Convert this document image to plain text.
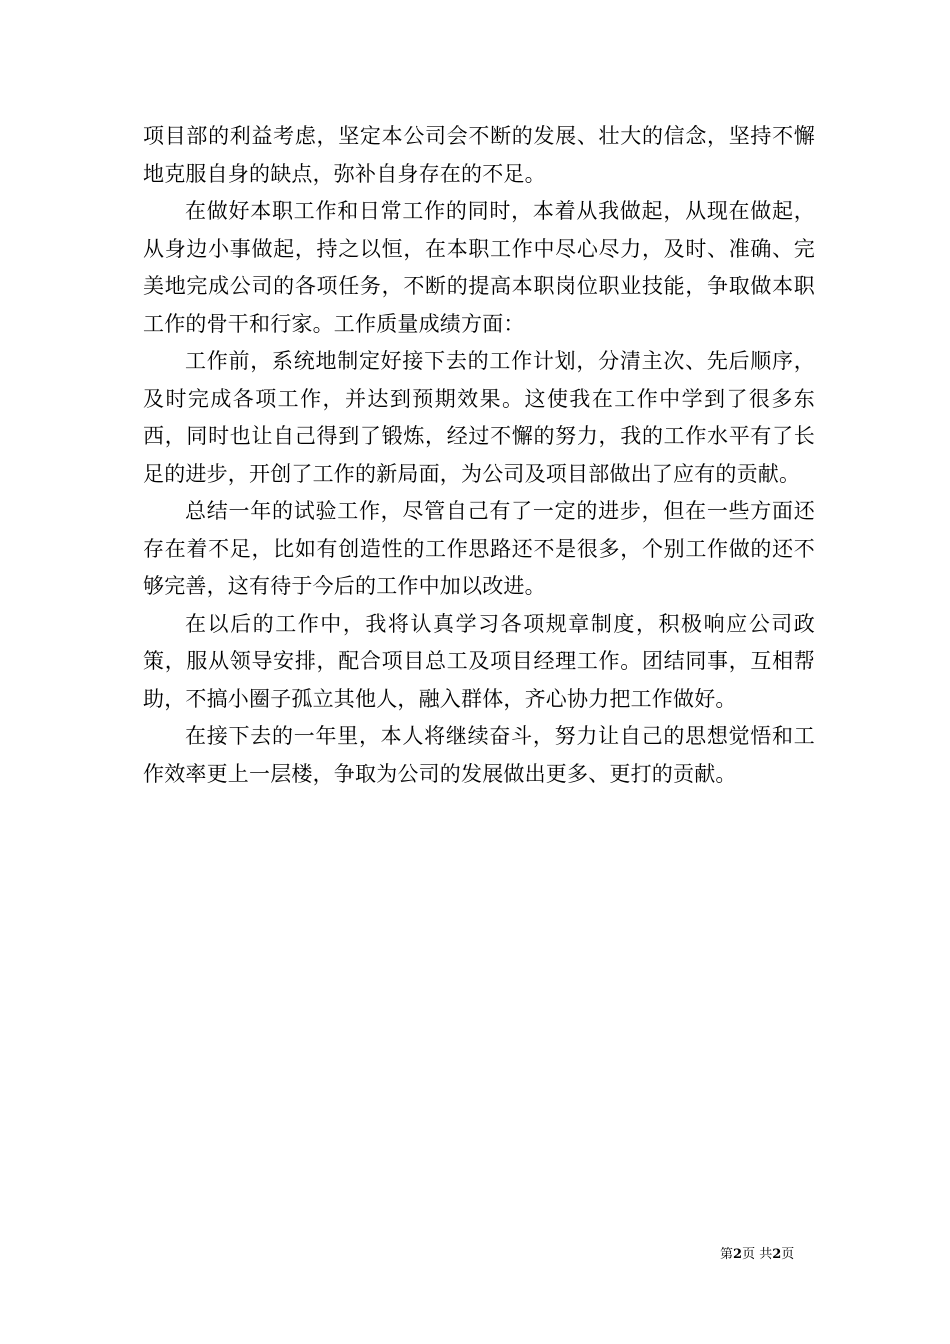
项目部的利益考虑，坚定本公司会不断的发展、壮大的信念，坚持不懈地克服自身的缺点，弥补自身存在的不足。

在做好本职工作和日常工作的同时，本着从我做起，从现在做起，从身边小事做起，持之以恒，在本职工作中尽心尽力，及时、准确、完美地完成公司的各项任务，不断的提高本职岗位职业技能，争取做本职工作的骨干和行家。工作质量成绩方面：

工作前，系统地制定好接下去的工作计划，分清主次、先后顺序，及时完成各项工作，并达到预期效果。这使我在工作中学到了很多东西，同时也让自己得到了锻炼，经过不懈的努力，我的工作水平有了长足的进步，开创了工作的新局面，为公司及项目部做出了应有的贡献。

总结一年的试验工作，尽管自己有了一定的进步，但在一些方面还存在着不足，比如有创造性的工作思路还不是很多，个别工作做的还不够完善，这有待于今后的工作中加以改进。

在以后的工作中，我将认真学习各项规章制度，积极响应公司政策，服从领导安排，配合项目总工及项目经理工作。团结同事，互相帮助，不搞小圈子孤立其他人，融入群体，齐心协力把工作做好。

在接下去的一年里，本人将继续奋斗，努力让自己的思想觉悟和工作效率更上一层楼，争取为公司的发展做出更多、更打的贡献。

第2页 共2页
